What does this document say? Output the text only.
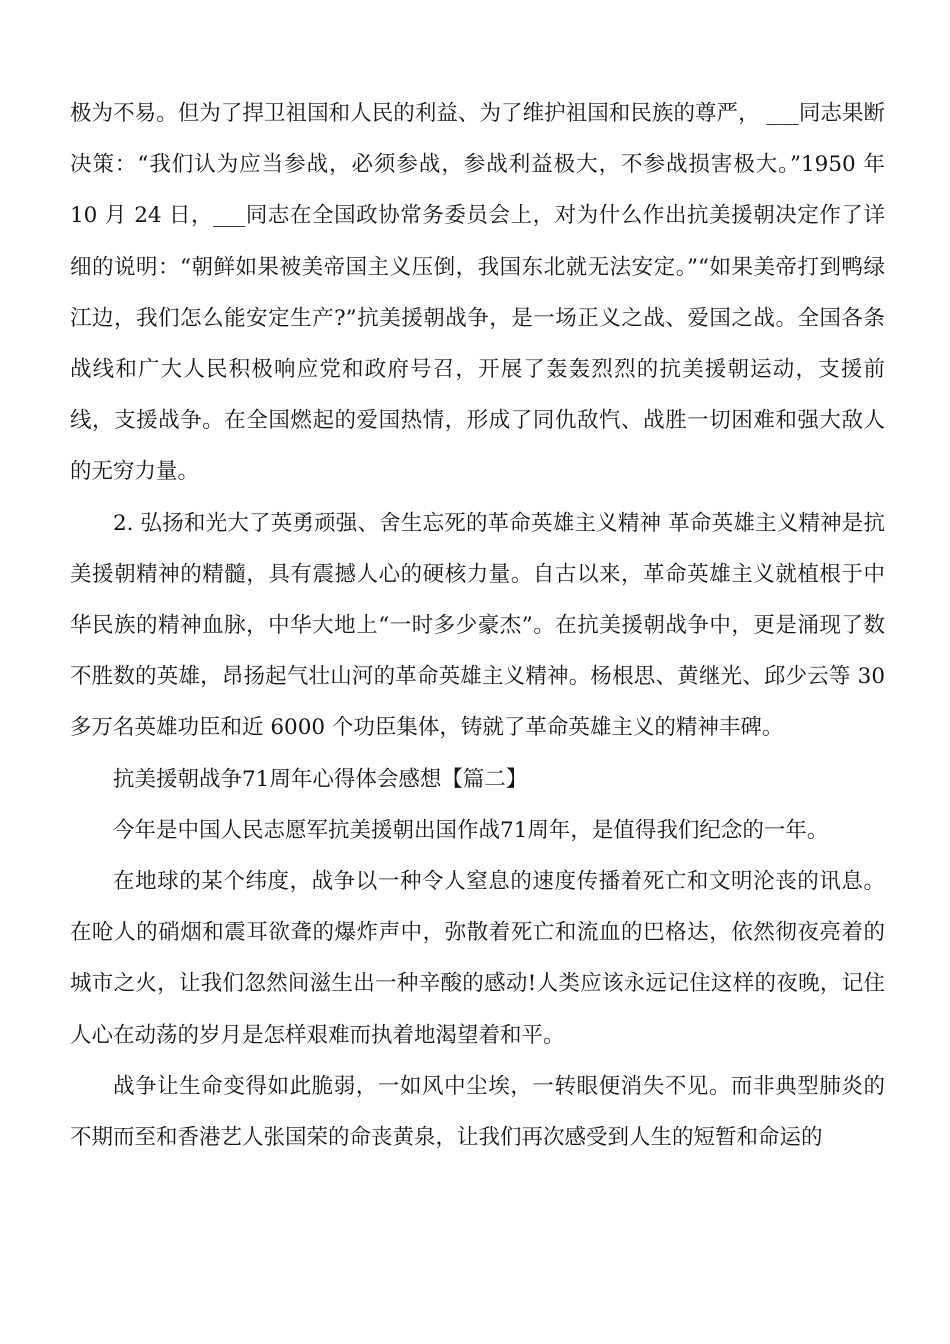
极为不易。但为了捍卫祖国和人民的利益、为了维护祖国和民族的尊严， ___同志果断决策：“我们认为应当参战，必须参战，参战利益极大，不参战损害极大。”1950 年 10 月 24 日，___同志在全国政协常务委员会上，对为什么作出抗美援朝决定作了详细的说明：“朝鲜如果被美帝国主义压倒，我国东北就无法安定。”“如果美帝打到鸭绿江边，我们怎么能安定生产?”抗美援朝战争，是一场正义之战、爱国之战。全国各条战线和广大人民积极响应党和政府号召，开展了轰轰烈烈的抗美援朝运动，支援前线，支援战争。在全国燃起的爱国热情，形成了同仇敌忾、战胜一切困难和强大敌人的无穷力量。

2. 弘扬和光大了英勇顽强、舍生忘死的革命英雄主义精神 革命英雄主义精神是抗美援朝精神的精髓，具有震撼人心的硬核力量。自古以来，革命英雄主义就植根于中华民族的精神血脉，中华大地上“一时多少豪杰”。在抗美援朝战争中，更是涌现了数不胜数的英雄，昂扬起气壮山河的革命英雄主义精神。杨根思、黄继光、邱少云等 30 多万名英雄功臣和近 6000 个功臣集体，铸就了革命英雄主义的精神丰碑。

抗美援朝战争71周年心得体会感想【篇二】

今年是中国人民志愿军抗美援朝出国作战71周年，是值得我们纪念的一年。

在地球的某个纬度，战争以一种令人窒息的速度传播着死亡和文明沦丧的讯息。在呛人的硝烟和震耳欲聋的爆炸声中，弥散着死亡和流血的巴格达，依然彻夜亮着的城市之火，让我们忽然间滋生出一种辛酸的感动!人类应该永远记住这样的夜晚，记住人心在动荡的岁月是怎样艰难而执着地渴望着和平。

战争让生命变得如此脆弱，一如风中尘埃，一转眼便消失不见。而非典型肺炎的不期而至和香港艺人张国荣的命丧黄泉，让我们再次感受到人生的短暂和命运的
